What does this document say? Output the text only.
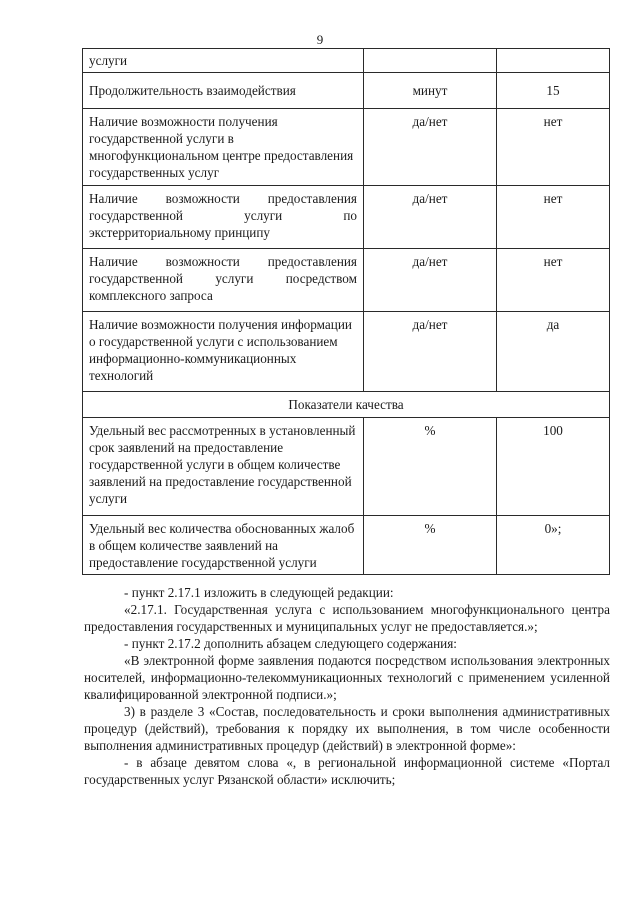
9
услуги		
Продолжительность взаимодействия	минут	15
Наличие возможности получения государственной услуги в многофункциональном центре предоставления государственных услуг	да/нет	нет
Наличие возможности предоставления государственной услуги по экстерриториальному принципу	да/нет	нет
Наличие возможности предоставления государственной услуги посредством комплексного запроса	да/нет	нет
Наличие возможности получения информации о государственной услуги с использованием информационно-коммуникационных технологий	да/нет	да
Показатели качества		
Удельный вес рассмотренных в установленный срок заявлений на предоставление государственной услуги в общем количестве заявлений на предоставление государственной услуги	%	100
Удельный вес количества обоснованных жалоб в общем количестве заявлений на предоставление государственной услуги	%	0»;

- пункт 2.17.1 изложить в следующей редакции:

«2.17.1. Государственная услуга с использованием многофункционального центра предоставления государственных и муниципальных услуг не предоставляется.»;

- пункт 2.17.2 дополнить абзацем следующего содержания:

«В электронной форме заявления подаются посредством использования электронных носителей, информационно-телекоммуникационных технологий с применением усиленной квалифицированной электронной подписи.»;

3) в разделе 3 «Состав, последовательность и сроки выполнения административных процедур (действий), требования к порядку их выполнения, в том числе особенности выполнения административных процедур (действий) в электронной форме»:

- в абзаце девятом слова «, в региональной информационной системе «Портал государственных услуг Рязанской области» исключить;
